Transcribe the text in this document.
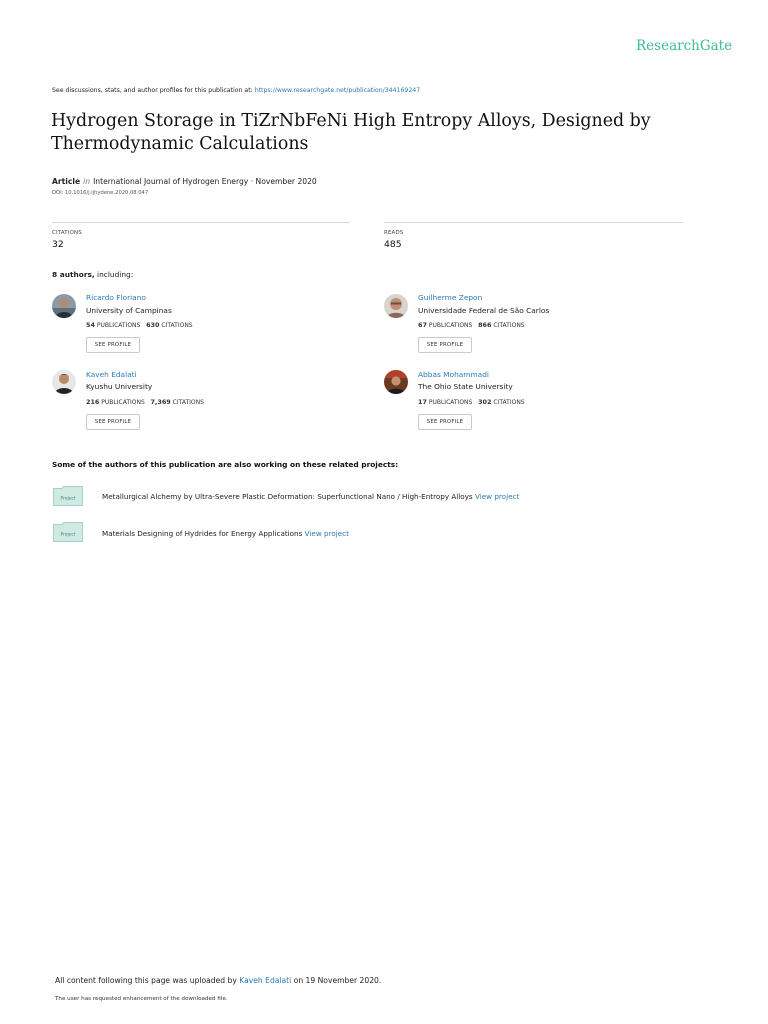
ResearchGate
See discussions, stats, and author profiles for this publication at: https://www.researchgate.net/publication/344169247
Hydrogen Storage in TiZrNbFeNi High Entropy Alloys, Designed by Thermodynamic Calculations
Article in International Journal of Hydrogen Energy · November 2020
DOI: 10.1016/j.ijhydene.2020.08.047
CITATIONS
32
READS
485
8 authors, including:
Ricardo Floriano
University of Campinas
54 PUBLICATIONS 630 CITATIONS
SEE PROFILE
Guilherme Zepon
Universidade Federal de São Carlos
67 PUBLICATIONS 866 CITATIONS
SEE PROFILE
Kaveh Edalati
Kyushu University
216 PUBLICATIONS 7,369 CITATIONS
SEE PROFILE
Abbas Mohammadi
The Ohio State University
17 PUBLICATIONS 302 CITATIONS
SEE PROFILE
Some of the authors of this publication are also working on these related projects:
Project	Metallurgical Alchemy by Ultra-Severe Plastic Deformation: Superfunctional Nano / High-Entropy Alloys View project
Project	Materials Designing of Hydrides for Energy Applications View project
All content following this page was uploaded by Kaveh Edalati on 19 November 2020.
The user has requested enhancement of the downloaded file.
